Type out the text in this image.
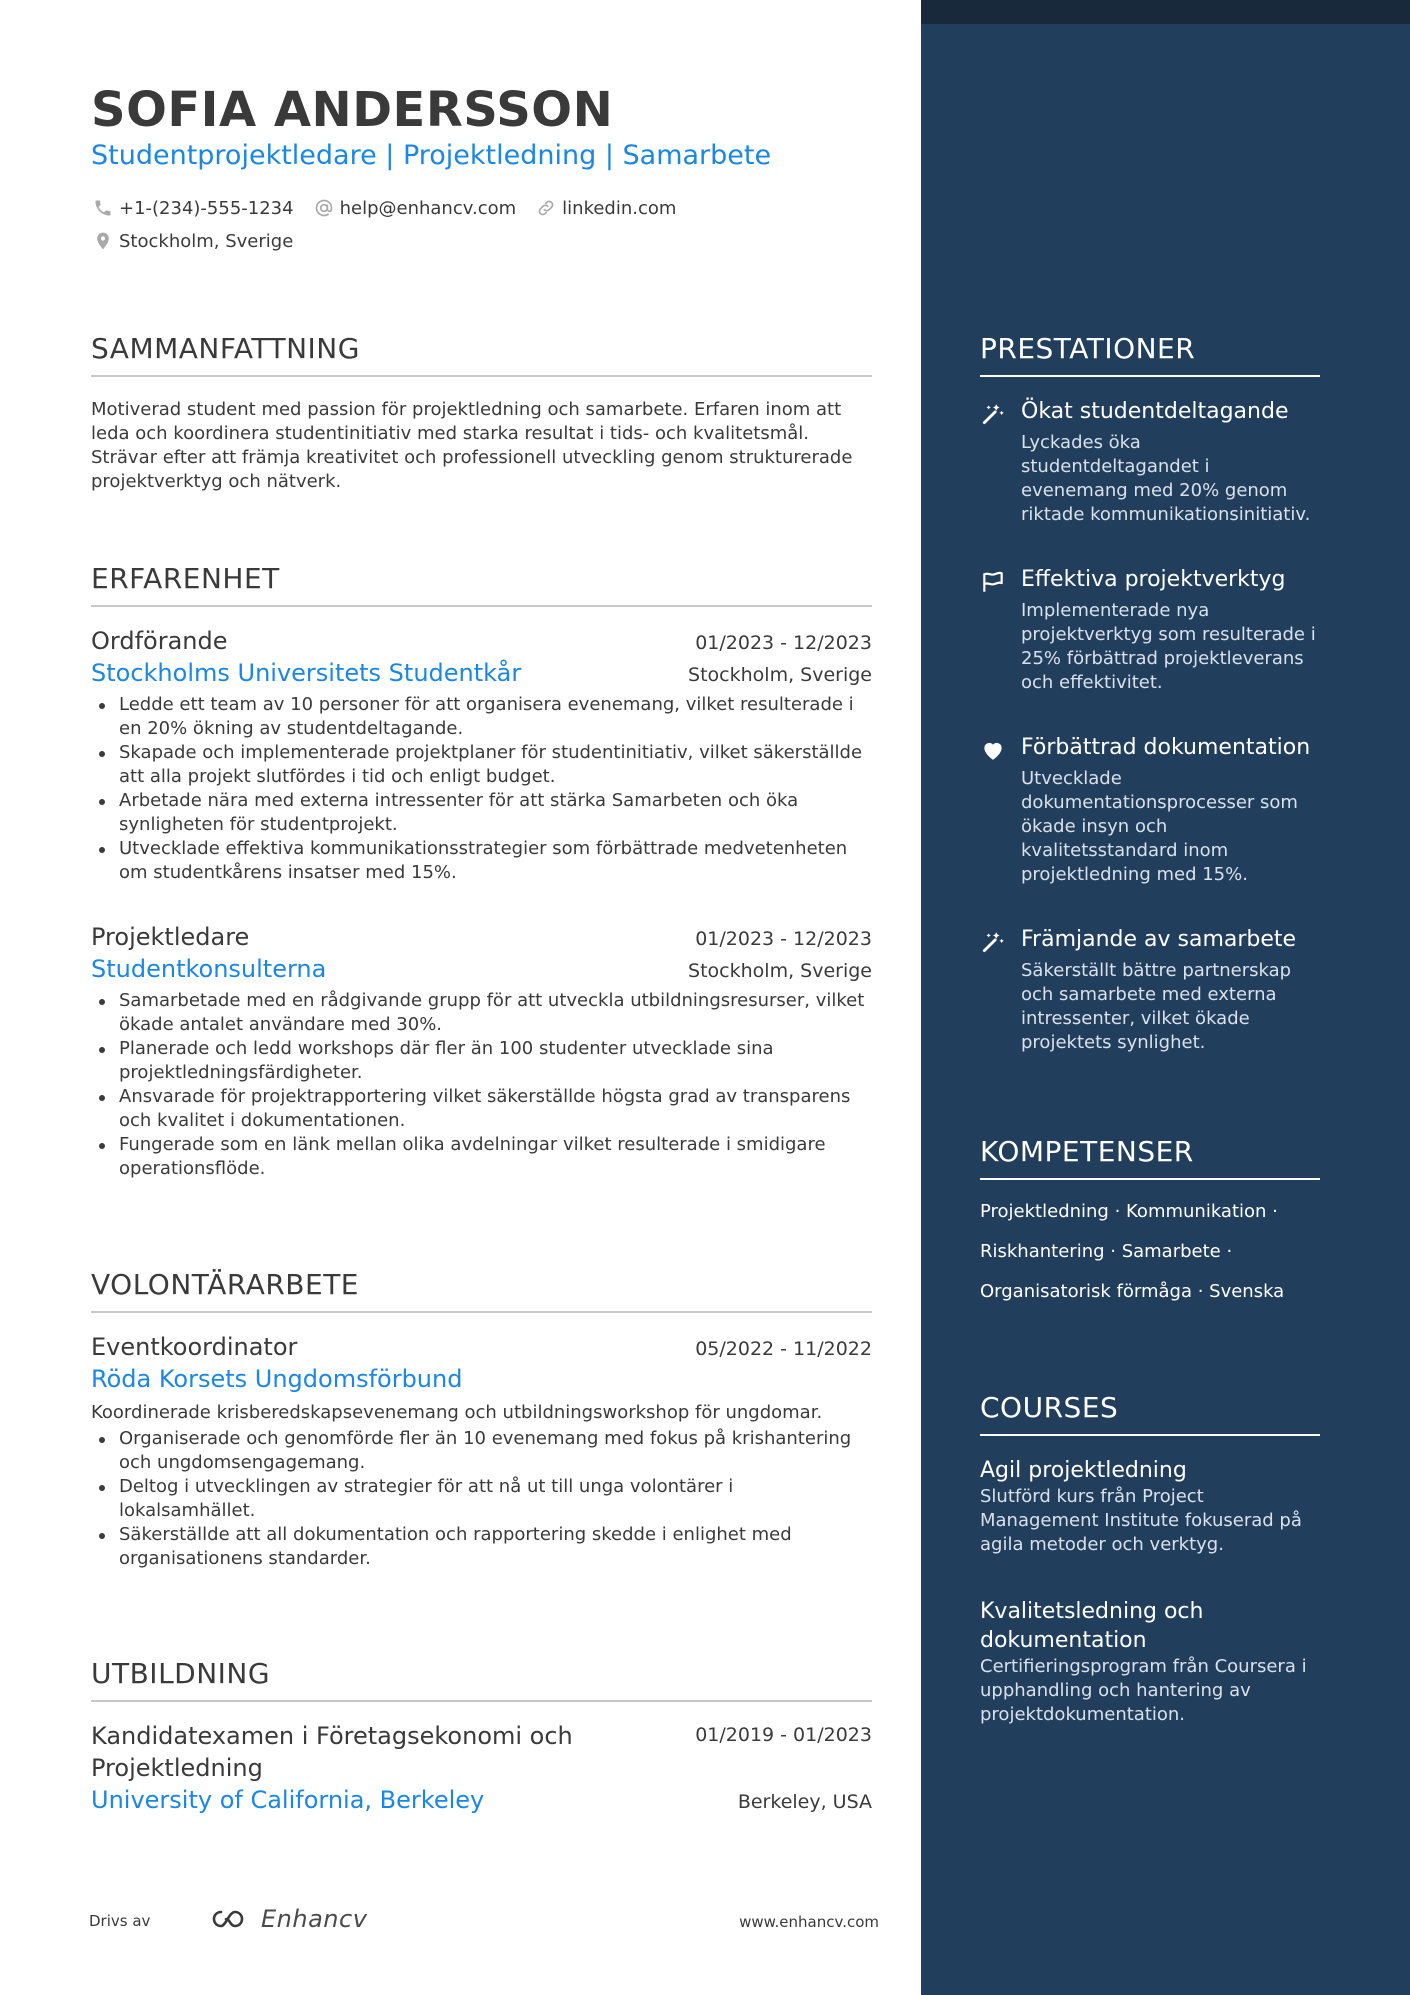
SOFIA ANDERSSON
Studentprojektledare | Projektledning | Samarbete
+1-(234)-555-1234	help@enhancv.com	linkedin.com
Stockholm, Sverige
SAMMANFATTNING
Motiverad student med passion för projektledning och samarbete. Erfaren inom att leda och koordinera studentinitiativ med starka resultat i tids- och kvalitetsmål. Strävar efter att främja kreativitet och professionell utveckling genom strukturerade projektverktyg och nätverk.
ERFARENHET
Ordförande	01/2023 - 12/2023
Stockholms Universitets Studentkår	Stockholm, Sverige
Ledde ett team av 10 personer för att organisera evenemang, vilket resulterade i en 20% ökning av studentdeltagande.
Skapade och implementerade projektplaner för studentinitiativ, vilket säkerställde att alla projekt slutfördes i tid och enligt budget.
Arbetade nära med externa intressenter för att stärka Samarbeten och öka synligheten för studentprojekt.
Utvecklade effektiva kommunikationsstrategier som förbättrade medvetenheten om studentkårens insatser med 15%.
Projektledare	01/2023 - 12/2023
Studentkonsulterna	Stockholm, Sverige
Samarbetade med en rådgivande grupp för att utveckla utbildningsresurser, vilket ökade antalet användare med 30%.
Planerade och ledd workshops där fler än 100 studenter utvecklade sina projektledningsfärdigheter.
Ansvarade för projektrapportering vilket säkerställde högsta grad av transparens och kvalitet i dokumentationen.
Fungerade som en länk mellan olika avdelningar vilket resulterade i smidigare operationsflöde.
VOLONTÄRARBETE
Eventkoordinator	05/2022 - 11/2022
Röda Korsets Ungdomsförbund
Koordinerade krisberedskapsevenemang och utbildningsworkshop för ungdomar.
Organiserade och genomförde fler än 10 evenemang med fokus på krishantering och ungdomsengagemang.
Deltog i utvecklingen av strategier för att nå ut till unga volontärer i lokalsamhället.
Säkerställde att all dokumentation och rapportering skedde i enlighet med organisationens standarder.
UTBILDNING
Kandidatexamen i Företagsekonomi och
Projektledning
01/2019 - 01/2023
University of California, Berkeley	Berkeley, USA
Drivs av	Enhancv	www.enhancv.com
PRESTATIONER
Ökat studentdeltagande
Lyckades öka studentdeltagandet i evenemang med 20% genom riktade kommunikationsinitiativ.
Effektiva projektverktyg
Implementerade nya projektverktyg som resulterade i 25% förbättrad projektleverans och effektivitet.
Förbättrad dokumentation
Utvecklade dokumentationsprocesser som ökade insyn och kvalitetsstandard inom projektledning med 15%.
Främjande av samarbete
Säkerställt bättre partnerskap och samarbete med externa intressenter, vilket ökade projektets synlighet.
KOMPETENSER
Projektledning · Kommunikation ·
Riskhantering · Samarbete ·
Organisatorisk förmåga · Svenska
COURSES
Agil projektledning
Slutförd kurs från Project Management Institute fokuserad på agila metoder och verktyg.
Kvalitetsledning och dokumentation
Certifieringsprogram från Coursera i upphandling och hantering av projektdokumentation.
